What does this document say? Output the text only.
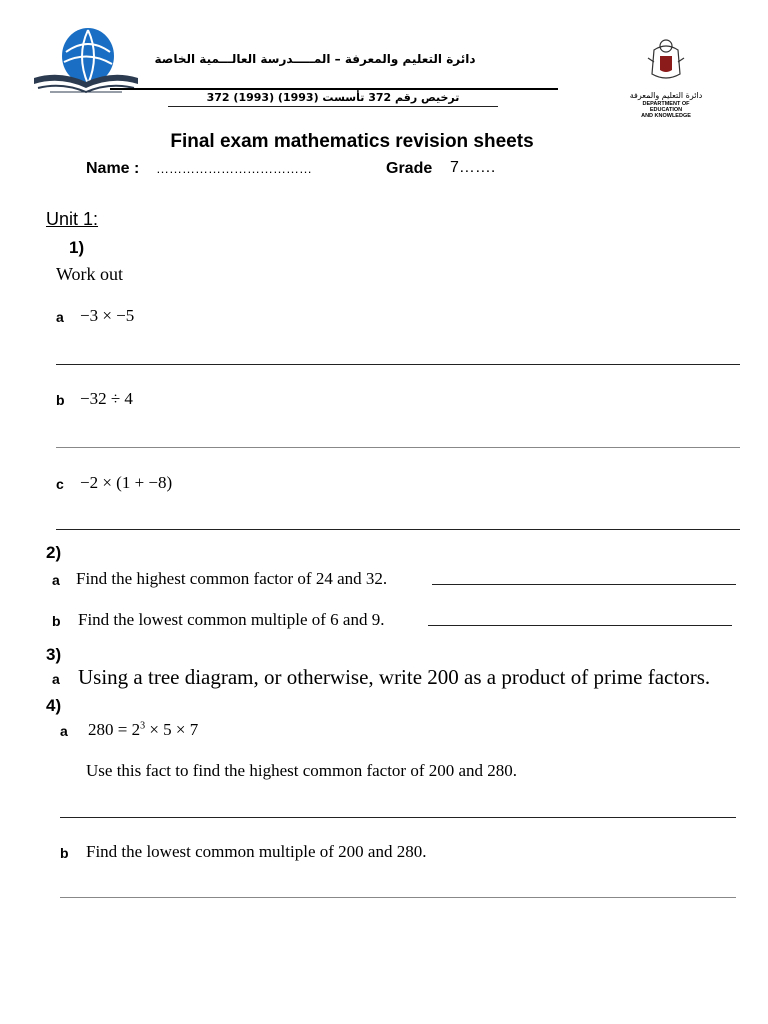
دائرة التعليم والمعرفة – المـــــدرسة العالـــمية الخاصة
ترخيص رقم 372 تأسست (1993) (1993) 372	دائرة التعليم والمعرفة
DEPARTMENT OF EDUCATION
AND KNOWLEDGE
Final exam mathematics revision sheets
Name : ………………………………	Grade 7…….
Unit 1:
1)
Work out
a −3 × −5
b −32 ÷ 4
c −2 × (1 + −8)
2)
a Find the highest common factor of 24 and 32.
b Find the lowest common multiple of 6 and 9.
3)
a Using a tree diagram, or otherwise, write 200 as a product of prime factors.
4)
a $280 = 2^3 \times 5 \times 7$
Use this fact to find the highest common factor of 200 and 280.
b Find the lowest common multiple of 200 and 280.
